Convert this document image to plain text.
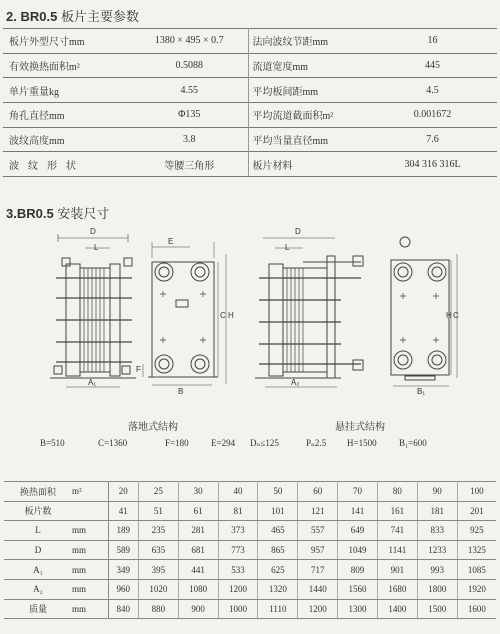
2. BR0.5 板片主要参数
板片外型尺寸mm	1380 × 495 × 0.7	法向波纹节距mm	16
有效换热面积m²	0.5088	流道宽度mm	445
单片重量kg	4.55	平均板间距mm	4.5
角孔直径mm	Φ135	平均流道截面积m²	0.001672
波纹高度mm	3.8	平均当量直径mm	7.6
波纹形状	等腰三角形	板片材料	304 316 316L
3.BR0.5 安装尺寸
D
L
A₁
E
C H
F
B
D
L
A₂
C
H
B₁
落地式结构	悬挂式结构
B=510	C=1360	F=180 E=294 Dₙ≤125	Pₙ2.5 H=1500 B₁=600
换热面积	m²	20	25	30	40	50	60	70	80	90	100
板片数		41	51	61	81	101	121	141	161	181	201
L	mm	189	235	281	373	465	557	649	741	833	925
D	mm	589	635	681	773	865	957	1049	1141	1233	1325
A₁	mm	349	395	441	533	625	717	809	901	993	1085
A₂	mm	960	1020	1080	1200	1320	1440	1560	1680	1800	1920
质量	mm	840	880	900	1000	1110	1200	1300	1400	1500	1600
